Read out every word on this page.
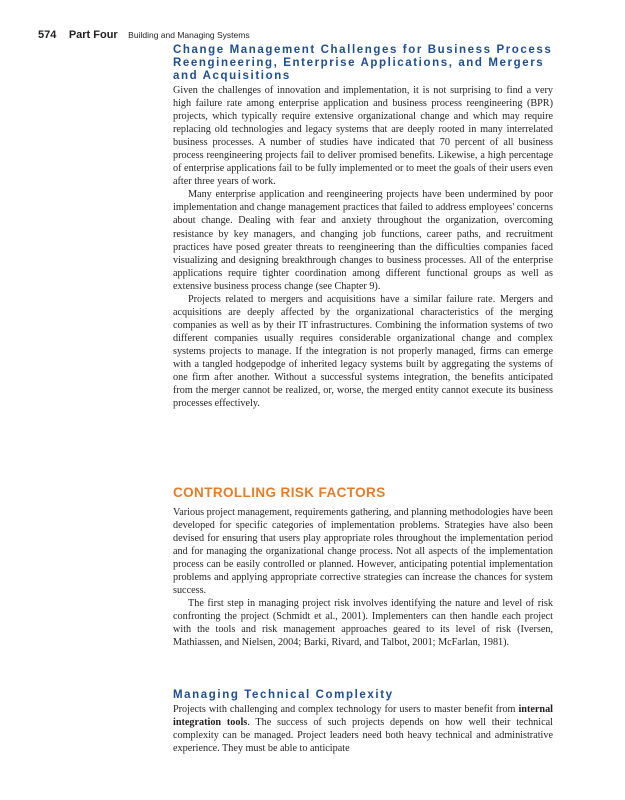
574 Part Four Building and Managing Systems
Change Management Challenges for Business Process
Reengineering, Enterprise Applications, and Mergers
and Acquisitions

Given the challenges of innovation and implementation, it is not surprising to find a very high failure rate among enterprise application and business process reengineering (BPR) projects, which typically require extensive organizational change and which may require replacing old technologies and legacy systems that are deeply rooted in many interrelated business processes. A number of studies have indicated that 70 percent of all business process reengineering projects fail to deliver promised benefits. Likewise, a high percentage of enterprise applications fail to be fully implemented or to meet the goals of their users even after three years of work.

Many enterprise application and reengineering projects have been undermined by poor implementation and change management practices that failed to address employees' concerns about change. Dealing with fear and anxiety throughout the organization, overcoming resistance by key managers, and changing job functions, career paths, and recruitment practices have posed greater threats to reengineering than the difficulties companies faced visualizing and designing breakthrough changes to business processes. All of the enterprise applications require tighter coordination among different functional groups as well as extensive business process change (see Chapter 9).

Projects related to mergers and acquisitions have a similar failure rate. Mergers and acquisitions are deeply affected by the organizational characteristics of the merging companies as well as by their IT infrastructures. Combining the information systems of two different companies usually requires considerable organizational change and complex systems projects to manage. If the integration is not properly managed, firms can emerge with a tangled hodgepodge of inherited legacy systems built by aggregating the systems of one firm after another. Without a successful systems integration, the benefits anticipated from the merger cannot be realized, or, worse, the merged entity cannot execute its business processes effectively.

CONTROLLING RISK FACTORS

Various project management, requirements gathering, and planning methodologies have been developed for specific categories of implementation problems. Strategies have also been devised for ensuring that users play appropriate roles throughout the implementation period and for managing the organizational change process. Not all aspects of the implementation process can be easily controlled or planned. However, anticipating potential implementation problems and applying appropriate corrective strategies can increase the chances for system success.

The first step in managing project risk involves identifying the nature and level of risk confronting the project (Schmidt et al., 2001). Implementers can then handle each project with the tools and risk management approaches geared to its level of risk (Iversen, Mathiassen, and Nielsen, 2004; Barki, Rivard, and Talbot, 2001; McFarlan, 1981).

Managing Technical Complexity

Projects with challenging and complex technology for users to master benefit from internal integration tools. The success of such projects depends on how well their technical complexity can be managed. Project leaders need both heavy technical and administrative experience. They must be able to anticipate
